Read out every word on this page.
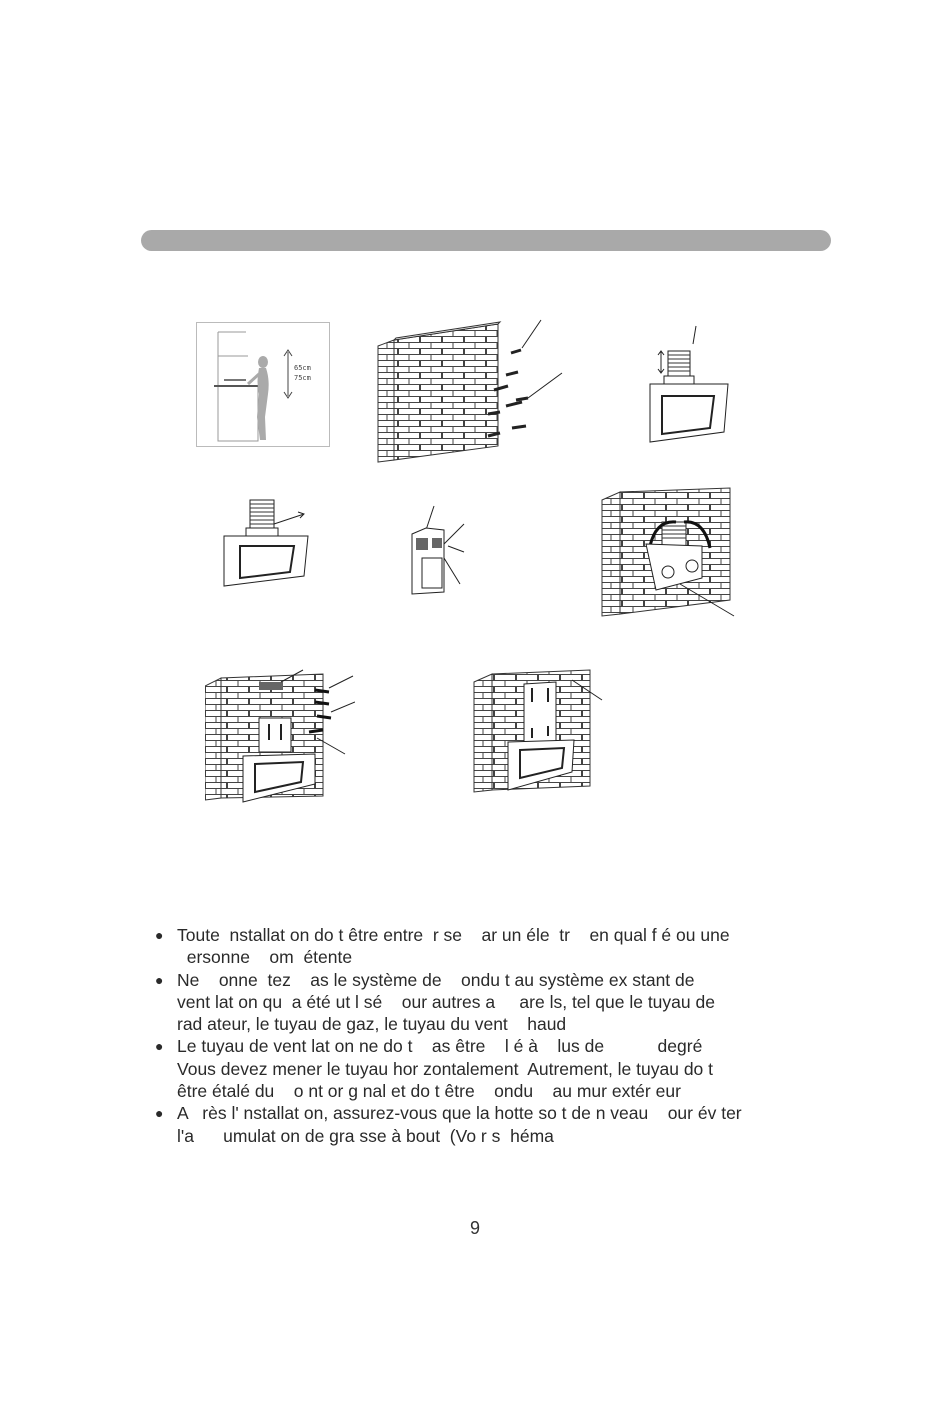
65cm
75cm
● Toute  nstallat on do t être entre  r se    ar un éle  tr    en qual f é ou une
ersonne    om  étente
● Ne    onne  tez    as le système de    ondu t au système ex stant de
vent lat on qu  a été ut l sé    our autres a     are ls, tel que le tuyau de
rad ateur, le tuyau de gaz, le tuyau du vent    haud
● Le tuyau de vent lat on ne do t    as être    l é à    lus de           degré
Vous devez mener le tuyau hor zontalement  Autrement, le tuyau do t
être étalé du    o nt or g nal et do t être    ondu    au mur extér eur
● A   rès l' nstallat on, assurez-vous que la hotte so t de n veau    our év ter
l'a      umulat on de gra sse à bout  (Vo r s  héma
9
